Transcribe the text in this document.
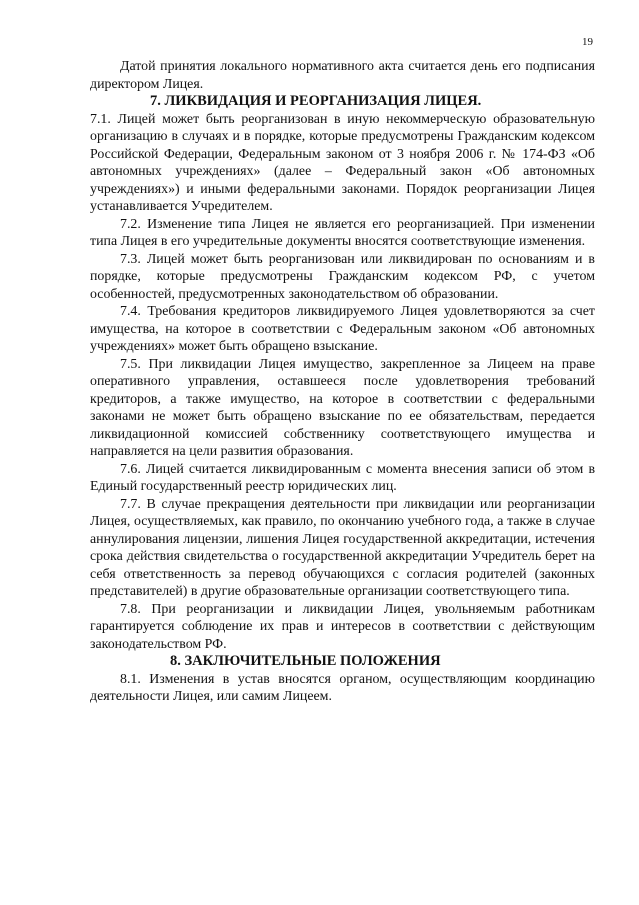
19

Датой принятия локального нормативного акта считается день его подписания директором Лицея.

7. ЛИКВИДАЦИЯ И РЕОРГАНИЗАЦИЯ ЛИЦЕЯ.

7.1. Лицей может быть реорганизован в иную некоммерческую образовательную организацию в случаях и в порядке, которые предусмотрены Гражданским кодексом Российской Федерации, Федеральным законом от 3 ноября 2006 г. № 174-ФЗ «Об автономных учреждениях» (далее – Федеральный закон «Об автономных учреждениях») и иными федеральными законами. Порядок реорганизации Лицея устанавливается Учредителем.

7.2. Изменение типа Лицея не является его реорганизацией. При изменении типа Лицея в его учредительные документы вносятся соответствующие изменения.

7.3. Лицей может быть реорганизован или ликвидирован по основаниям и в порядке, которые предусмотрены Гражданским кодексом РФ, с учетом особенностей, предусмотренных законодательством об образовании.

7.4. Требования кредиторов ликвидируемого Лицея удовлетворяются за счет имущества, на которое в соответствии с Федеральным законом «Об автономных учреждениях» может быть обращено взыскание.

7.5. При ликвидации Лицея имущество, закрепленное за Лицеем на праве оперативного управления, оставшееся после удовлетворения требований кредиторов, а также имущество, на которое в соответствии с федеральными законами не может быть обращено взыскание по ее обязательствам, передается ликвидационной комиссией собственнику соответствующего имущества и направляется на цели развития образования.

7.6. Лицей считается ликвидированным с момента внесения записи об этом в Единый государственный реестр юридических лиц.

7.7. В случае прекращения деятельности при ликвидации или реорганизации Лицея, осуществляемых, как правило, по окончанию учебного года, а также в случае аннулирования лицензии, лишения Лицея государственной аккредитации, истечения срока действия свидетельства о государственной аккредитации Учредитель берет на себя ответственность за перевод обучающихся с согласия родителей (законных представителей) в другие образовательные организации соответствующего типа.

7.8. При реорганизации и ликвидации Лицея, увольняемым работникам гарантируется соблюдение их прав и интересов в соответствии с действующим законодательством РФ.

8. ЗАКЛЮЧИТЕЛЬНЫЕ ПОЛОЖЕНИЯ

8.1. Изменения в устав вносятся органом, осуществляющим координацию деятельности Лицея, или самим Лицеем.
